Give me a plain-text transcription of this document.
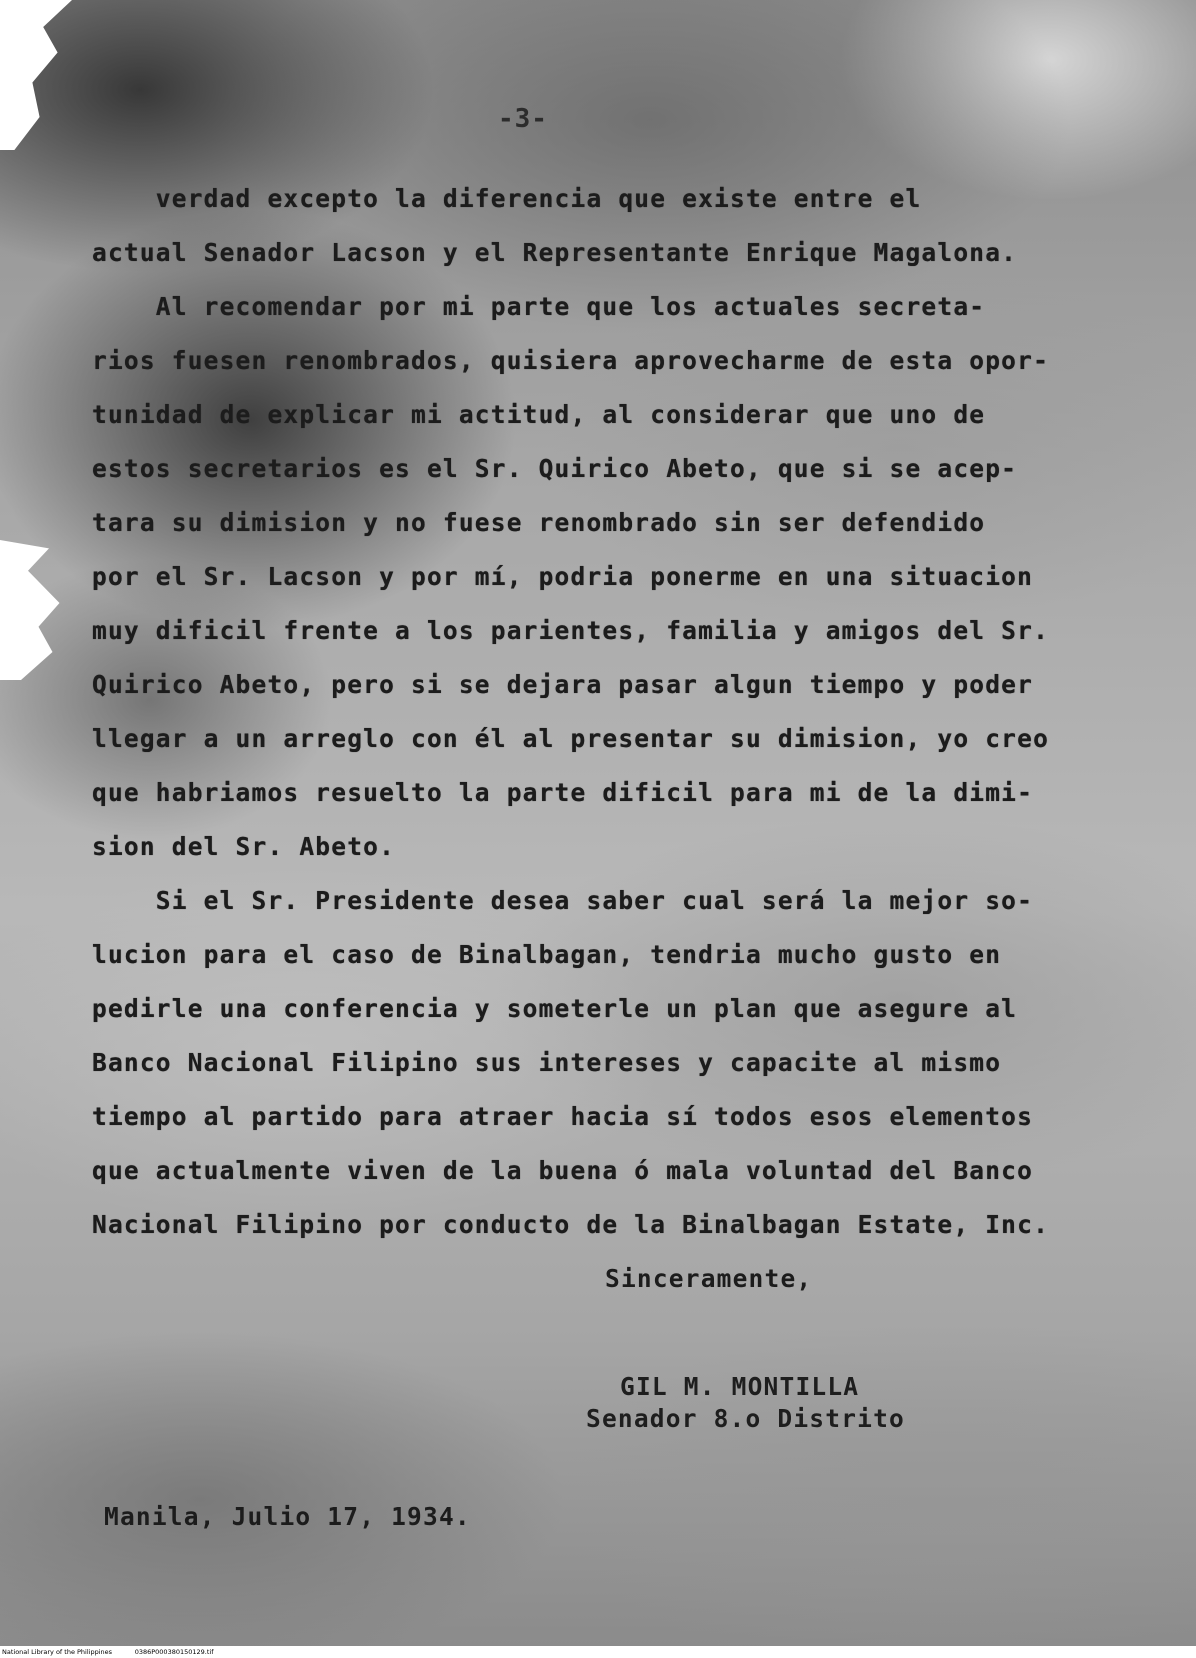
-3-
verdad excepto la diferencia que existe entre el
actual Senador Lacson y el Representante Enrique Magalona.
Al recomendar por mi parte que los actuales secreta-
rios fuesen renombrados, quisiera aprovecharme de esta opor-
tunidad de explicar mi actitud, al considerar que uno de
estos secretarios es el Sr. Quirico Abeto, que si se acep-
tara su dimision y no fuese renombrado sin ser defendido
por el Sr. Lacson y por mí, podria ponerme en una situacion
muy dificil frente a los parientes, familia y amigos del Sr.
Quirico Abeto, pero si se dejara pasar algun tiempo y poder
llegar a un arreglo con él al presentar su dimision, yo creo
que habriamos resuelto la parte dificil para mi de la dimi-
sion del Sr. Abeto.
Si el Sr. Presidente desea saber cual será la mejor so-
lucion para el caso de Binalbagan, tendria mucho gusto en
pedirle una conferencia y someterle un plan que asegure al
Banco Nacional Filipino sus intereses y capacite al mismo
tiempo al partido para atraer hacia sí todos esos elementos
que actualmente viven de la buena ó mala voluntad del Banco
Nacional Filipino por conducto de la Binalbagan Estate, Inc.
Sinceramente,
GIL M. MONTILLA
Senador 8.o Distrito
Manila, Julio 17, 1934.
National Library of the Philippines	0386P000380150129.tif
